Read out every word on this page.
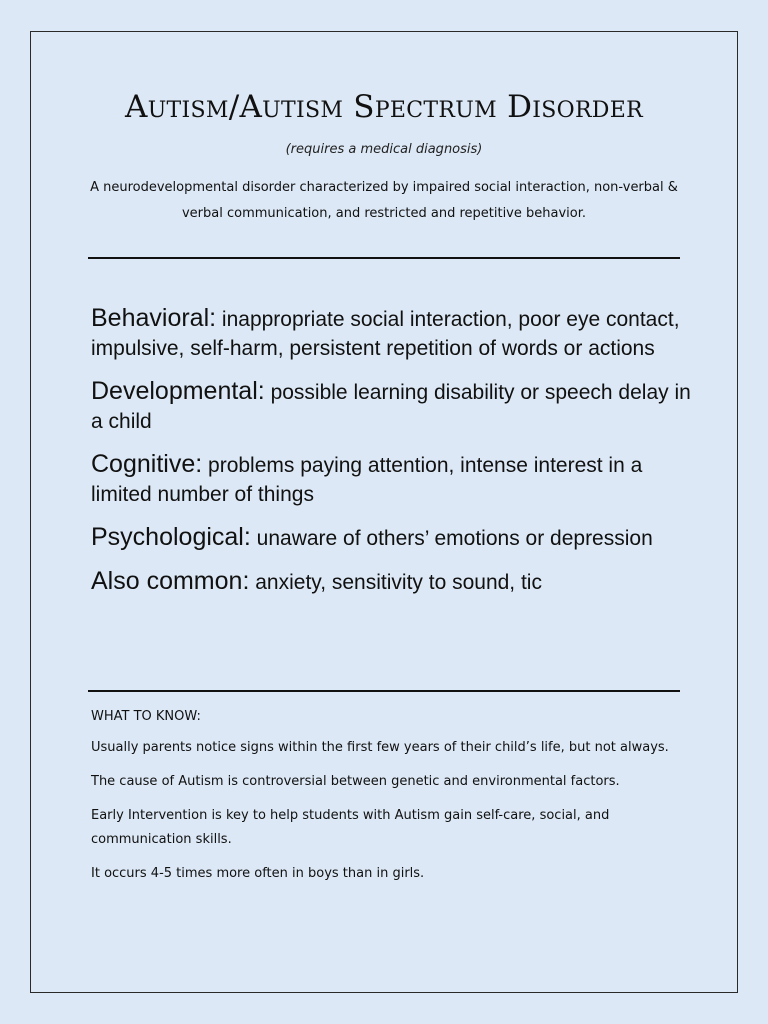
Autism/Autism Spectrum Disorder
(requires a medical diagnosis)
A neurodevelopmental disorder characterized by impaired social interaction, non-verbal & verbal communication, and restricted and repetitive behavior.

Behavioral: inappropriate social interaction, poor eye contact, impulsive, self-harm, persistent repetition of words or actions

Developmental: possible learning disability or speech delay in a child

Cognitive: problems paying attention, intense interest in a limited number of things

Psychological: unaware of others’ emotions or depression

Also common: anxiety, sensitivity to sound, tic

WHAT TO KNOW:

Usually parents notice signs within the first few years of their child’s life, but not always.

The cause of Autism is controversial between genetic and environmental factors.

Early Intervention is key to help students with Autism gain self-care, social, and communication skills.

It occurs 4-5 times more often in boys than in girls.
